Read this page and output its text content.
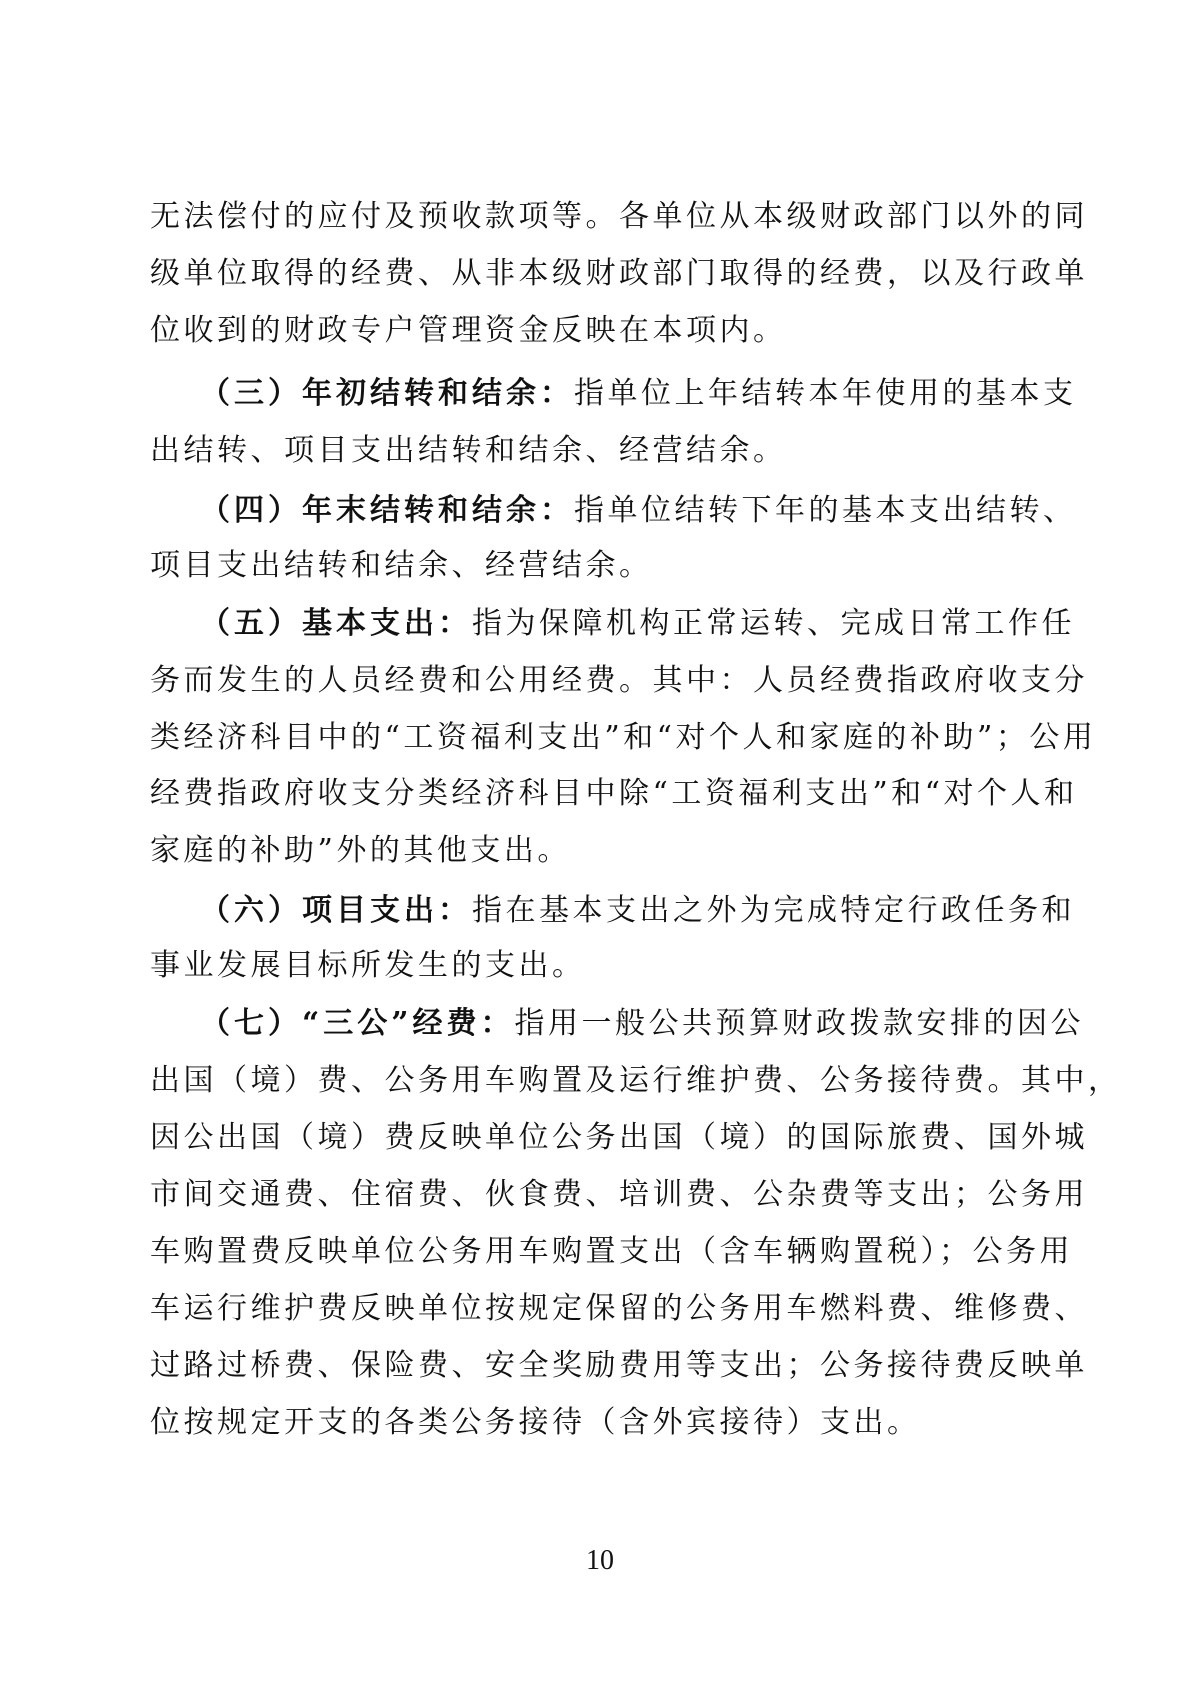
无法偿付的应付及预收款项等。各单位从本级财政部门以外的同
级单位取得的经费、从非本级财政部门取得的经费，以及行政单
位收到的财政专户管理资金反映在本项内。
（三）年初结转和结余：指单位上年结转本年使用的基本支
出结转、项目支出结转和结余、经营结余。
（四）年末结转和结余：指单位结转下年的基本支出结转、
项目支出结转和结余、经营结余。
（五）基本支出：指为保障机构正常运转、完成日常工作任
务而发生的人员经费和公用经费。其中：人员经费指政府收支分
类经济科目中的“工资福利支出”和“对个人和家庭的补助”；公用
经费指政府收支分类经济科目中除“工资福利支出”和“对个人和
家庭的补助”外的其他支出。
（六）项目支出：指在基本支出之外为完成特定行政任务和
事业发展目标所发生的支出。
（七）“三公”经费：指用一般公共预算财政拨款安排的因公
出国（境）费、公务用车购置及运行维护费、公务接待费。其中，
因公出国（境）费反映单位公务出国（境）的国际旅费、国外城
市间交通费、住宿费、伙食费、培训费、公杂费等支出；公务用
车购置费反映单位公务用车购置支出（含车辆购置税）；公务用
车运行维护费反映单位按规定保留的公务用车燃料费、维修费、
过路过桥费、保险费、安全奖励费用等支出；公务接待费反映单
位按规定开支的各类公务接待（含外宾接待）支出。
10
